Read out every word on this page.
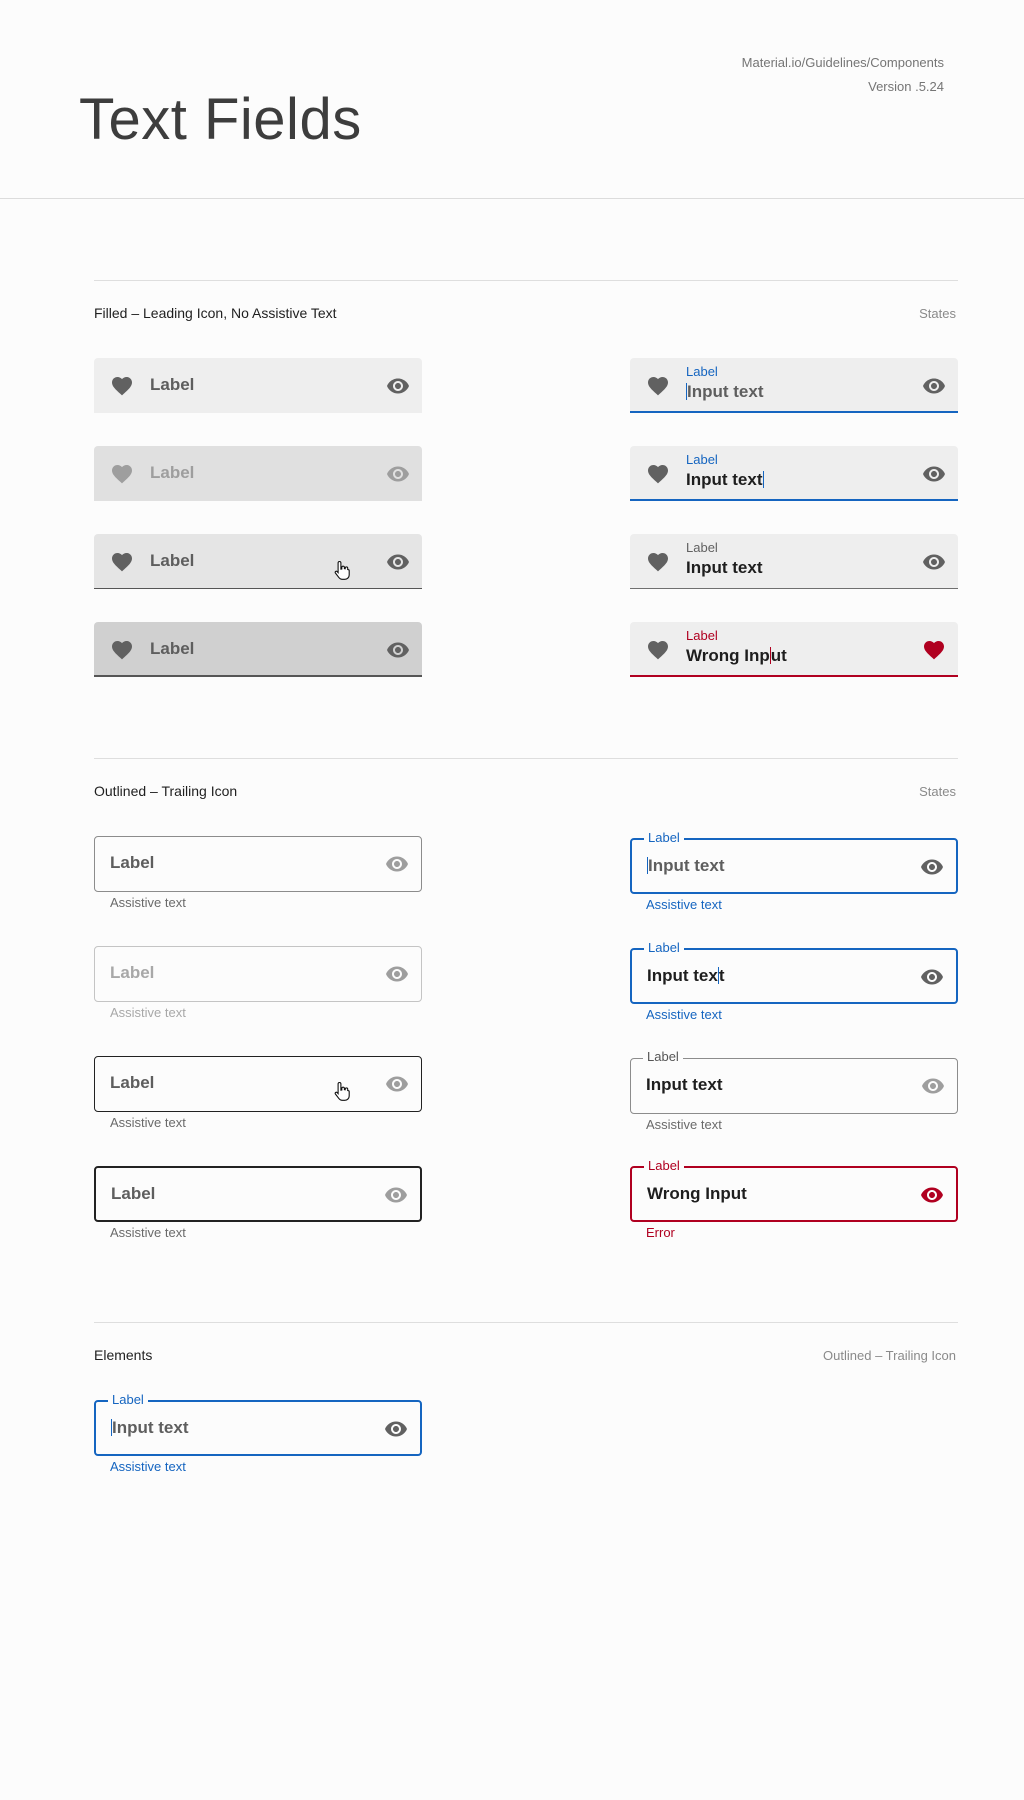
Text Fields
Material.io/Guidelines/Components
Version .5.24
Filled – Leading Icon, No Assistive Text	States
Label
Label
Label
Label
Label
Input text
Label
Input text
Label
Input text
Label
Wrong Input
Outlined – Trailing Icon	States
Label
Assistive text
Label
Assistive text
Label
Assistive text
Label
Assistive text
Label
Input text
Assistive text
Label
Input text
Assistive text
Label
Input text
Assistive text
Label
Wrong Input
Error
Elements	Outlined – Trailing Icon
Label
Input text
Assistive text
